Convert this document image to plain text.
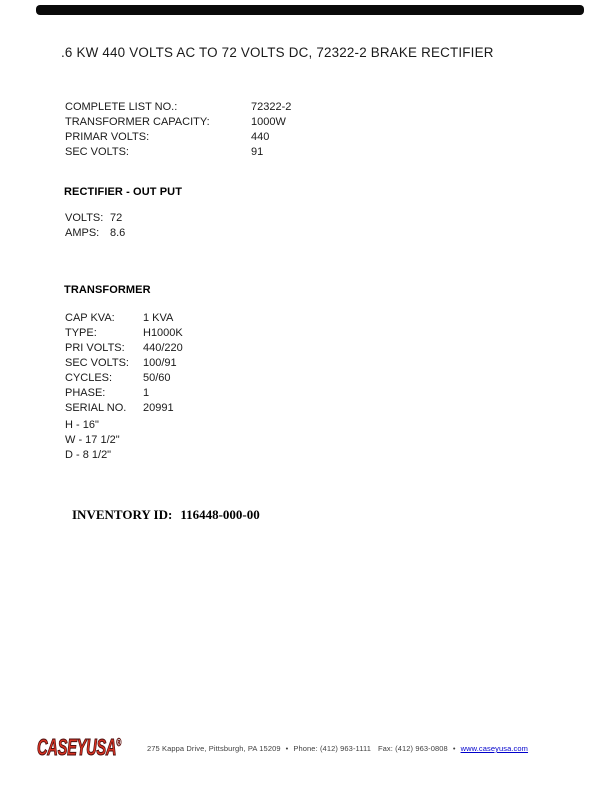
.6 KW 440 VOLTS AC TO 72 VOLTS DC, 72322-2 BRAKE RECTIFIER
COMPLETE LIST NO.:	72322-2
TRANSFORMER CAPACITY:	1000W
PRIMAR VOLTS:	440
SEC VOLTS:	91
RECTIFIER - OUT PUT
VOLTS: 72
AMPS: 8.6
TRANSFORMER
CAP KVA:	1 KVA
TYPE:	H1000K
PRI VOLTS:	440/220
SEC VOLTS:	100/91
CYCLES:	50/60
PHASE:	1
SERIAL NO.	20991
H - 16"
W - 17 1/2"
D - 8 1/2"
INVENTORY ID: 116448-000-00
CASEYUSA®	275 Kappa Drive, Pittsburgh, PA 15209 • Phone: (412) 963-1111 Fax: (412) 963-0808 • www.caseyusa.com
